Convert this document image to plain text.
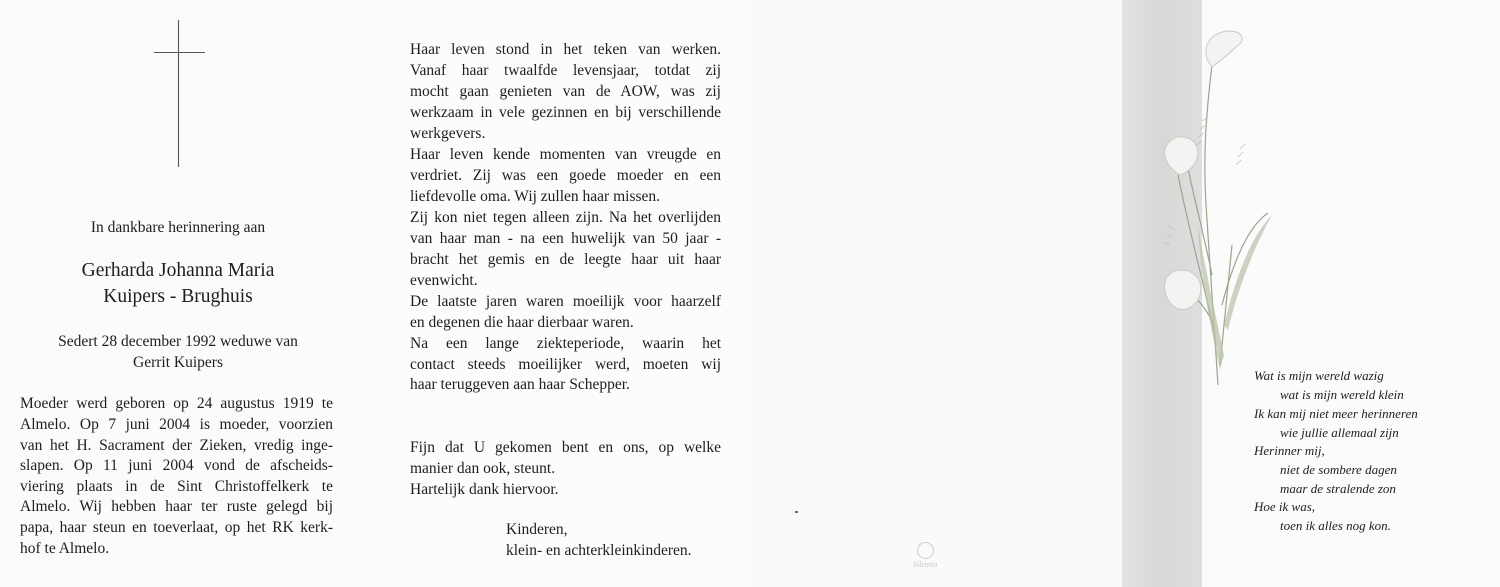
In dankbare herinnering aan
Gerharda Johanna Maria
Kuipers - Brughuis
Sedert 28 december 1992 weduwe van
Gerrit Kuipers
Moeder werd geboren op 24 augustus 1919 te
Almelo. Op 7 juni 2004 is moeder, voorzien
van het H. Sacrament der Zieken, vredig inge-
slapen. Op 11 juni 2004 vond de afscheids-
viering plaats in de Sint Christoffelkerk te
Almelo. Wij hebben haar ter ruste gelegd bij
papa, haar steun en toeverlaat, op het RK kerk-
hof te Almelo.
Haar leven stond in het teken van werken.
Vanaf haar twaalfde levensjaar, totdat zij
mocht gaan genieten van de AOW, was zij
werkzaam in vele gezinnen en bij verschillende
werkgevers.
Haar leven kende momenten van vreugde en
verdriet. Zij was een goede moeder en een
liefdevolle oma. Wij zullen haar missen.
Zij kon niet tegen alleen zijn. Na het overlijden
van haar man - na een huwelijk van 50 jaar -
bracht het gemis en de leegte haar uit haar
evenwicht.
De laatste jaren waren moeilijk voor haarzelf
en degenen die haar dierbaar waren.
Na een lange ziekteperiode, waarin het
contact steeds moeilijker werd, moeten wij
haar teruggeven aan haar Schepper.
Fijn dat U gekomen bent en ons, op welke
manier dan ook, steunt.
Hartelijk dank hiervoor.
Kinderen,
klein- en achterkleinkinderen.
Silentio
Wat is mijn wereld wazig
wat is mijn wereld klein
Ik kan mij niet meer herinneren
wie jullie allemaal zijn
Herinner mij,
niet de sombere dagen
maar de stralende zon
Hoe ik was,
toen ik alles nog kon.
